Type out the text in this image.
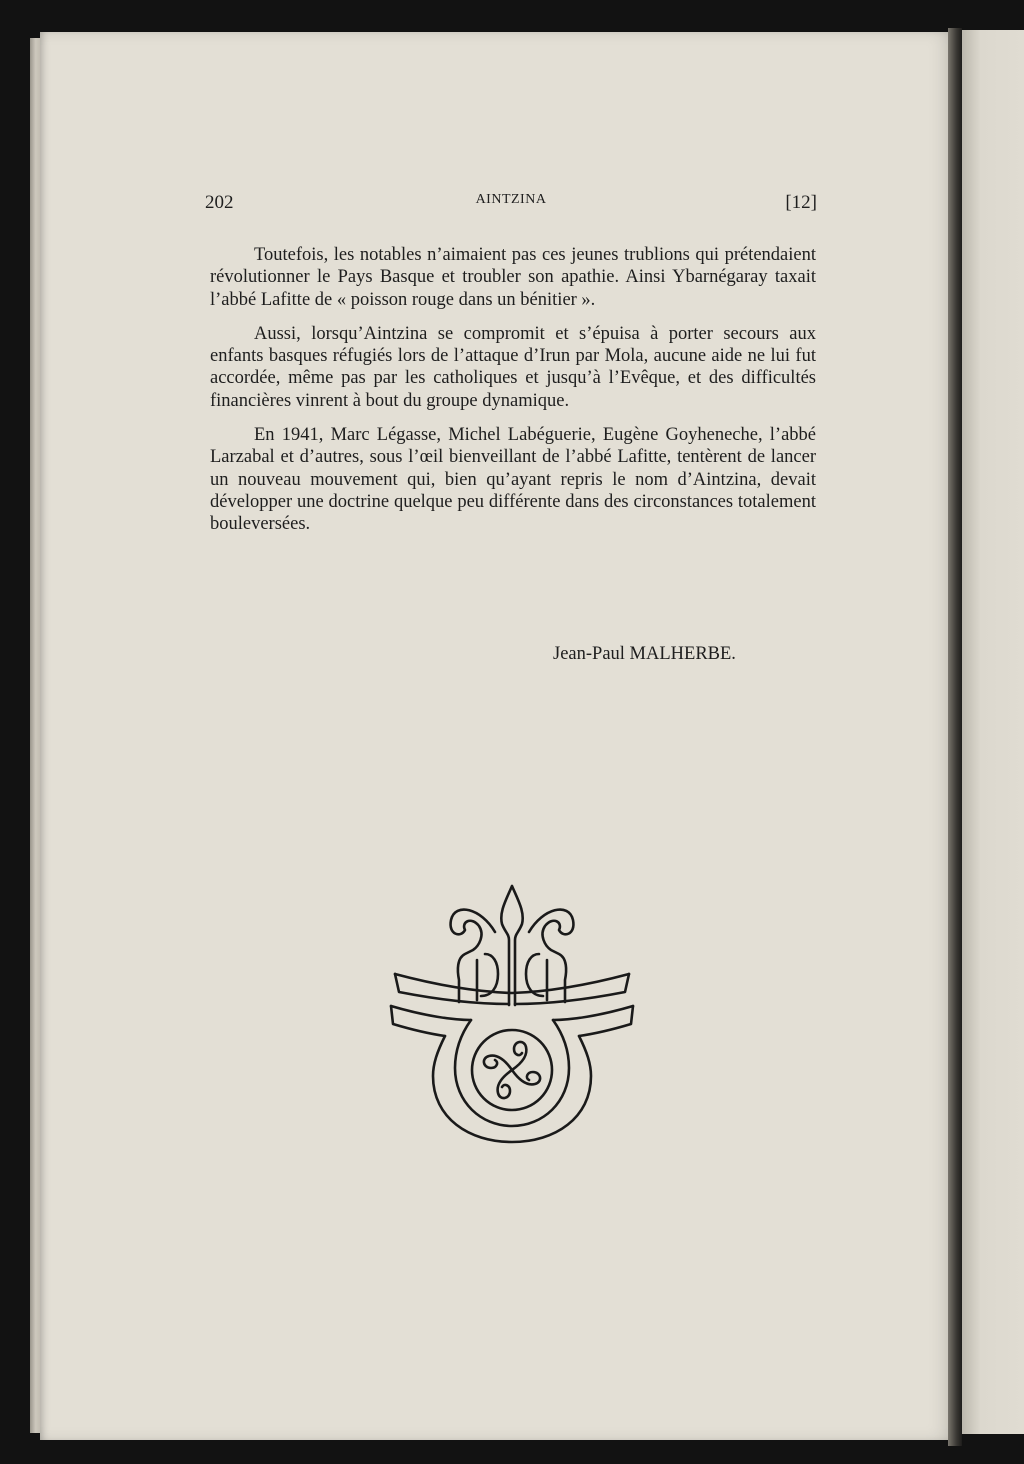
202	AINTZINA	[12]

Toutefois, les notables n’aimaient pas ces jeunes trublions qui prétendaient révolutionner le Pays Basque et troubler son apathie. Ainsi Ybarnégaray taxait l’abbé Lafitte de « poisson rouge dans un bénitier ».

Aussi, lorsqu’Aintzina se compromit et s’épuisa à porter secours aux enfants basques réfugiés lors de l’attaque d’Irun par Mola, aucune aide ne lui fut accordée, même pas par les catholiques et jusqu’à l’Evêque, et des difficultés financières vinrent à bout du groupe dynamique.

En 1941, Marc Légasse, Michel Labéguerie, Eugène Goyheneche, l’abbé Larzabal et d’autres, sous l’œil bienveillant de l’abbé Lafitte, tentèrent de lancer un nouveau mouvement qui, bien qu’ayant repris le nom d’Aintzina, devait développer une doctrine quelque peu différente dans des circonstances totalement bouleversées.

Jean-Paul MALHERBE.
